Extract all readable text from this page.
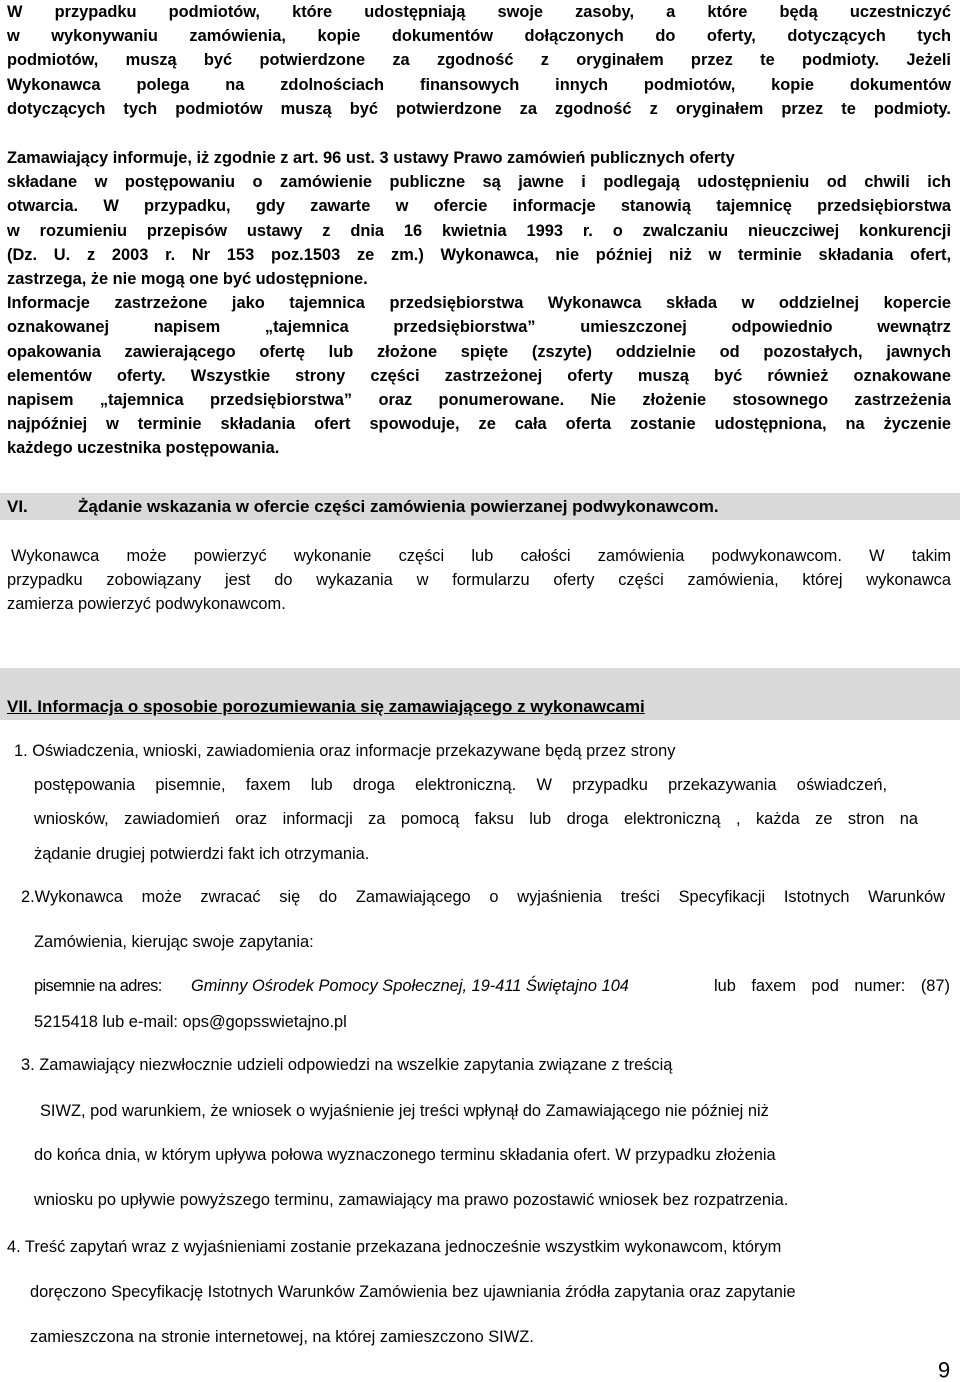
W przypadku podmiotów, które udostępniają swoje zasoby, a które będą uczestniczyć
w wykonywaniu zamówienia, kopie dokumentów dołączonych do oferty, dotyczących tych
podmiotów, muszą być potwierdzone za zgodność z oryginałem przez te podmioty. Jeżeli
Wykonawca polega na zdolnościach finansowych innych podmiotów, kopie dokumentów
dotyczących tych podmiotów muszą być potwierdzone za zgodność z oryginałem przez te podmioty.
Zamawiający informuje, iż zgodnie z art. 96 ust. 3 ustawy Prawo zamówień publicznych oferty
składane w postępowaniu o zamówienie publiczne są jawne i podlegają udostępnieniu od chwili ich
otwarcia. W przypadku, gdy zawarte w ofercie informacje stanowią tajemnicę przedsiębiorstwa
w rozumieniu przepisów ustawy z dnia 16 kwietnia 1993 r. o zwalczaniu nieuczciwej konkurencji
(Dz. U. z 2003 r. Nr 153 poz.1503 ze zm.) Wykonawca, nie później niż w terminie składania ofert,
zastrzega, że nie mogą one być udostępnione.
Informacje zastrzeżone jako tajemnica przedsiębiorstwa Wykonawca składa w oddzielnej kopercie
oznakowanej napisem „tajemnica przedsiębiorstwa” umieszczonej odpowiednio wewnątrz
opakowania zawierającego ofertę lub złożone spięte (zszyte) oddzielnie od pozostałych, jawnych
elementów oferty. Wszystkie strony części zastrzeżonej oferty muszą być również oznakowane
napisem „tajemnica przedsiębiorstwa” oraz ponumerowane. Nie złożenie stosownego zastrzeżenia
najpóźniej w terminie składania ofert spowoduje, ze cała oferta zostanie udostępniona, na życzenie
każdego uczestnika postępowania.
VI.	Żądanie wskazania w ofercie części zamówienia powierzanej podwykonawcom.
Wykonawca może powierzyć wykonanie części lub całości zamówienia podwykonawcom. W takim
przypadku zobowiązany jest do wykazania w formularzu oferty części zamówienia, której wykonawca
zamierza powierzyć podwykonawcom.
VII. Informacja o sposobie porozumiewania się zamawiającego z wykonawcami
1. Oświadczenia, wnioski, zawiadomienia oraz informacje przekazywane będą przez strony
postępowania pisemnie, faxem lub droga elektroniczną. W przypadku przekazywania oświadczeń,
wniosków, zawiadomień oraz informacji za pomocą faksu lub droga elektroniczną , każda ze stron na
żądanie drugiej potwierdzi fakt ich otrzymania.
2.Wykonawca może zwracać się do Zamawiającego o wyjaśnienia treści Specyfikacji Istotnych Warunków
Zamówienia, kierując swoje zapytania:
pisemnie na adres: Gminny Ośrodek Pomocy Społecznej, 19-411 Świętajno 104	lub faxem pod numer: (87)
5215418 lub e-mail: ops@gopsswietajno.pl
3. Zamawiający niezwłocznie udzieli odpowiedzi na wszelkie zapytania związane z treścią
SIWZ, pod warunkiem, że wniosek o wyjaśnienie jej treści wpłynął do Zamawiającego nie później niż
do końca dnia, w którym upływa połowa wyznaczonego terminu składania ofert. W przypadku złożenia
wniosku po upływie powyższego terminu, zamawiający ma prawo pozostawić wniosek bez rozpatrzenia.
4. Treść zapytań wraz z wyjaśnieniami zostanie przekazana jednocześnie wszystkim wykonawcom, którym
doręczono Specyfikację Istotnych Warunków Zamówienia bez ujawniania źródła zapytania oraz zapytanie
zamieszczona na stronie internetowej, na której zamieszczono SIWZ.
6
